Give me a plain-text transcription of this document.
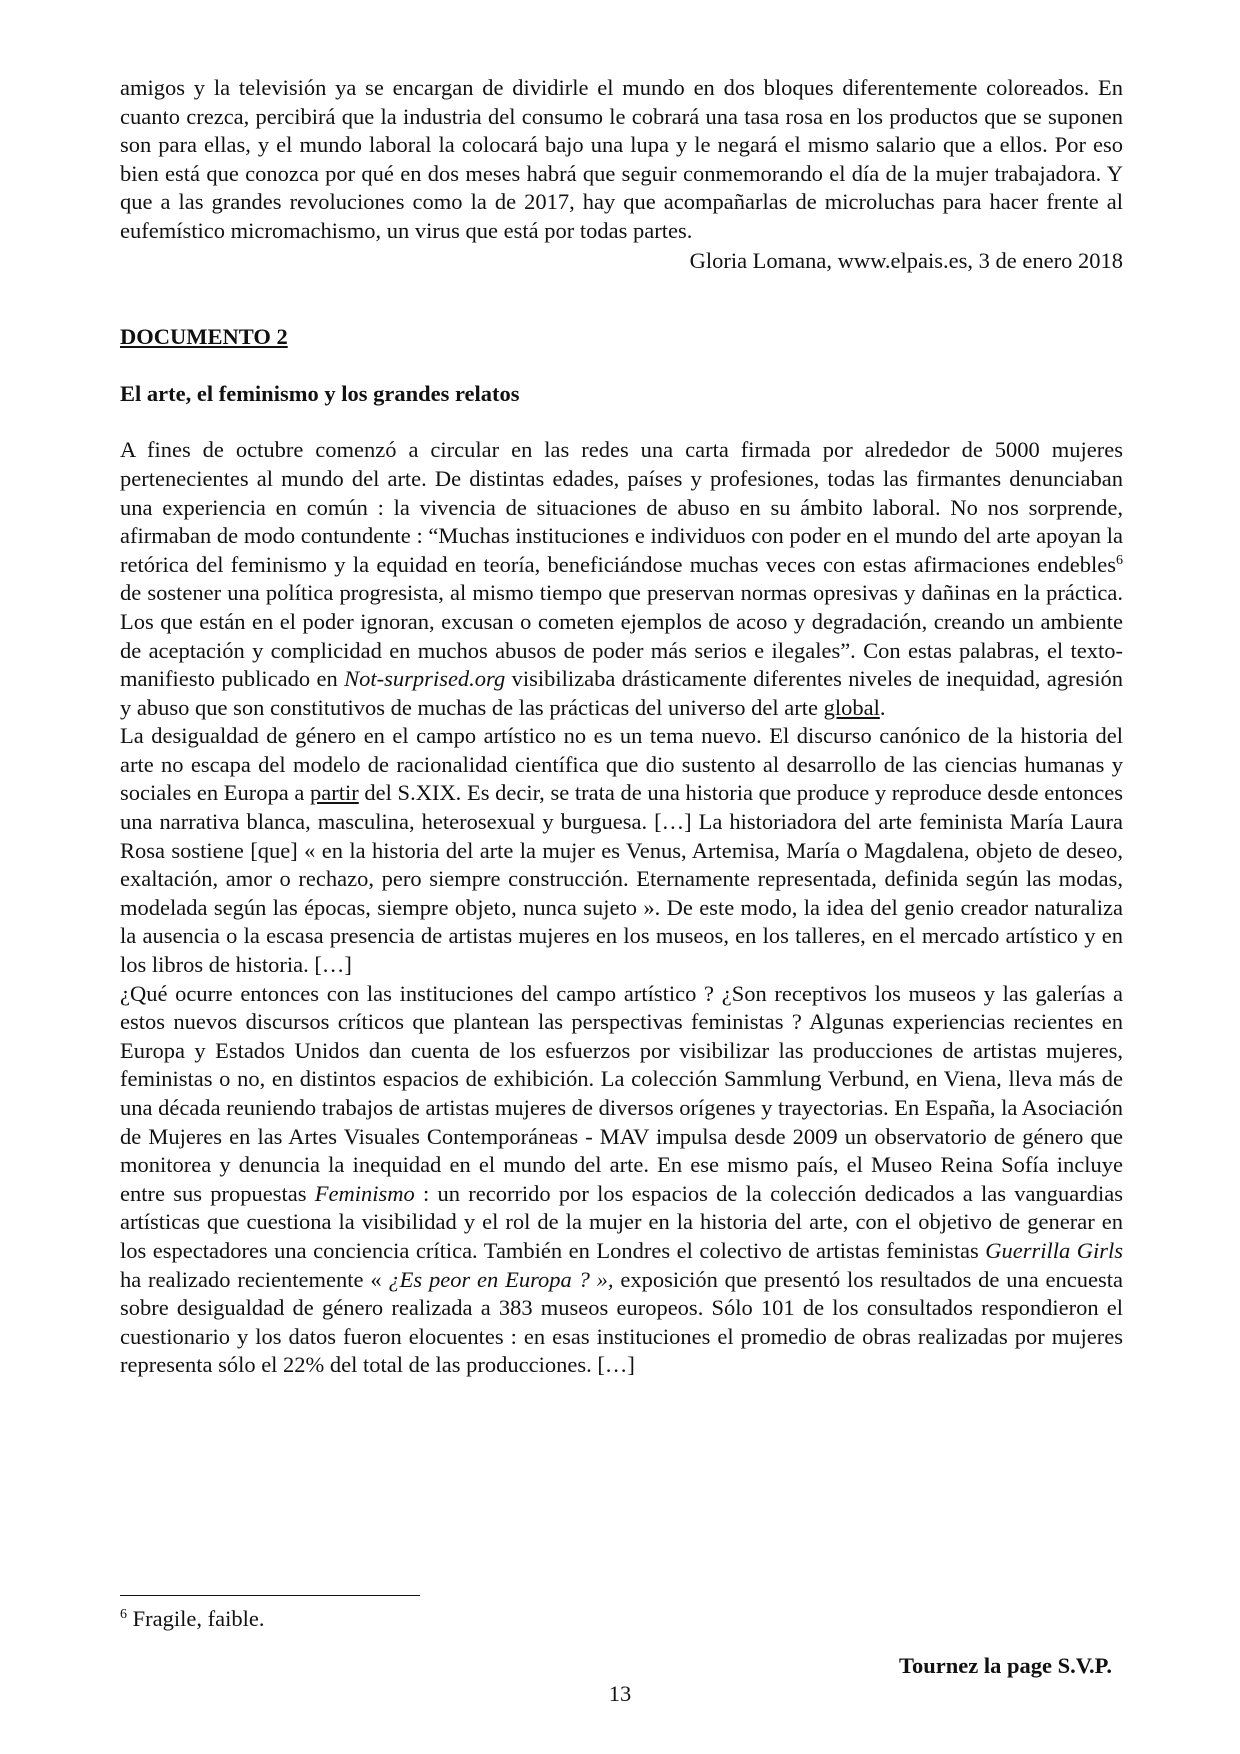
amigos y la televisión ya se encargan de dividirle el mundo en dos bloques diferentemente coloreados. En cuanto crezca, percibirá que la industria del consumo le cobrará una tasa rosa en los productos que se suponen son para ellas, y el mundo laboral la colocará bajo una lupa y le negará el mismo salario que a ellos. Por eso bien está que conozca por qué en dos meses habrá que seguir conmemorando el día de la mujer trabajadora. Y que a las grandes revoluciones como la de 2017, hay que acompañarlas de microluchas para hacer frente al eufemístico micromachismo, un virus que está por todas partes.

Gloria Lomana, www.elpais.es, 3 de enero 2018

DOCUMENTO 2

El arte, el feminismo y los grandes relatos

A fines de octubre comenzó a circular en las redes una carta firmada por alrededor de 5000 mujeres pertenecientes al mundo del arte. De distintas edades, países y profesiones, todas las firmantes denunciaban una experiencia en común : la vivencia de situaciones de abuso en su ámbito laboral. No nos sorprende, afirmaban de modo contundente : “Muchas instituciones e individuos con poder en el mundo del arte apoyan la retórica del feminismo y la equidad en teoría, beneficiándose muchas veces con estas afirmaciones endebles$^6$ de sostener una política progresista, al mismo tiempo que preservan normas opresivas y dañinas en la práctica. Los que están en el poder ignoran, excusan o cometen ejemplos de acoso y degradación, creando un ambiente de aceptación y complicidad en muchos abusos de poder más serios e ilegales”. Con estas palabras, el texto-manifiesto publicado en Not-surprised.org visibilizaba drásticamente diferentes niveles de inequidad, agresión y abuso que son constitutivos de muchas de las prácticas del universo del arte global.

La desigualdad de género en el campo artístico no es un tema nuevo. El discurso canónico de la historia del arte no escapa del modelo de racionalidad científica que dio sustento al desarrollo de las ciencias humanas y sociales en Europa a partir del S.XIX. Es decir, se trata de una historia que produce y reproduce desde entonces una narrativa blanca, masculina, heterosexual y burguesa. […] La historiadora del arte feminista María Laura Rosa sostiene [que] « en la historia del arte la mujer es Venus, Artemisa, María o Magdalena, objeto de deseo, exaltación, amor o rechazo, pero siempre construcción. Eternamente representada, definida según las modas, modelada según las épocas, siempre objeto, nunca sujeto ». De este modo, la idea del genio creador naturaliza la ausencia o la escasa presencia de artistas mujeres en los museos, en los talleres, en el mercado artístico y en los libros de historia. […]

¿Qué ocurre entonces con las instituciones del campo artístico ? ¿Son receptivos los museos y las galerías a estos nuevos discursos críticos que plantean las perspectivas feministas ? Algunas experiencias recientes en Europa y Estados Unidos dan cuenta de los esfuerzos por visibilizar las producciones de artistas mujeres, feministas o no, en distintos espacios de exhibición. La colección Sammlung Verbund, en Viena, lleva más de una década reuniendo trabajos de artistas mujeres de diversos orígenes y trayectorias. En España, la Asociación de Mujeres en las Artes Visuales Contemporáneas - MAV impulsa desde 2009 un observatorio de género que monitorea y denuncia la inequidad en el mundo del arte. En ese mismo país, el Museo Reina Sofía incluye entre sus propuestas Feminismo : un recorrido por los espacios de la colección dedicados a las vanguardias artísticas que cuestiona la visibilidad y el rol de la mujer en la historia del arte, con el objetivo de generar en los espectadores una conciencia crítica. También en Londres el colectivo de artistas feministas Guerrilla Girls ha realizado recientemente « ¿Es peor en Europa ? », exposición que presentó los resultados de una encuesta sobre desigualdad de género realizada a 383 museos europeos. Sólo 101 de los consultados respondieron el cuestionario y los datos fueron elocuentes : en esas instituciones el promedio de obras realizadas por mujeres representa sólo el 22% del total de las producciones. […]

$^6$ Fragile, faible.
Tournez la page S.V.P.
13
